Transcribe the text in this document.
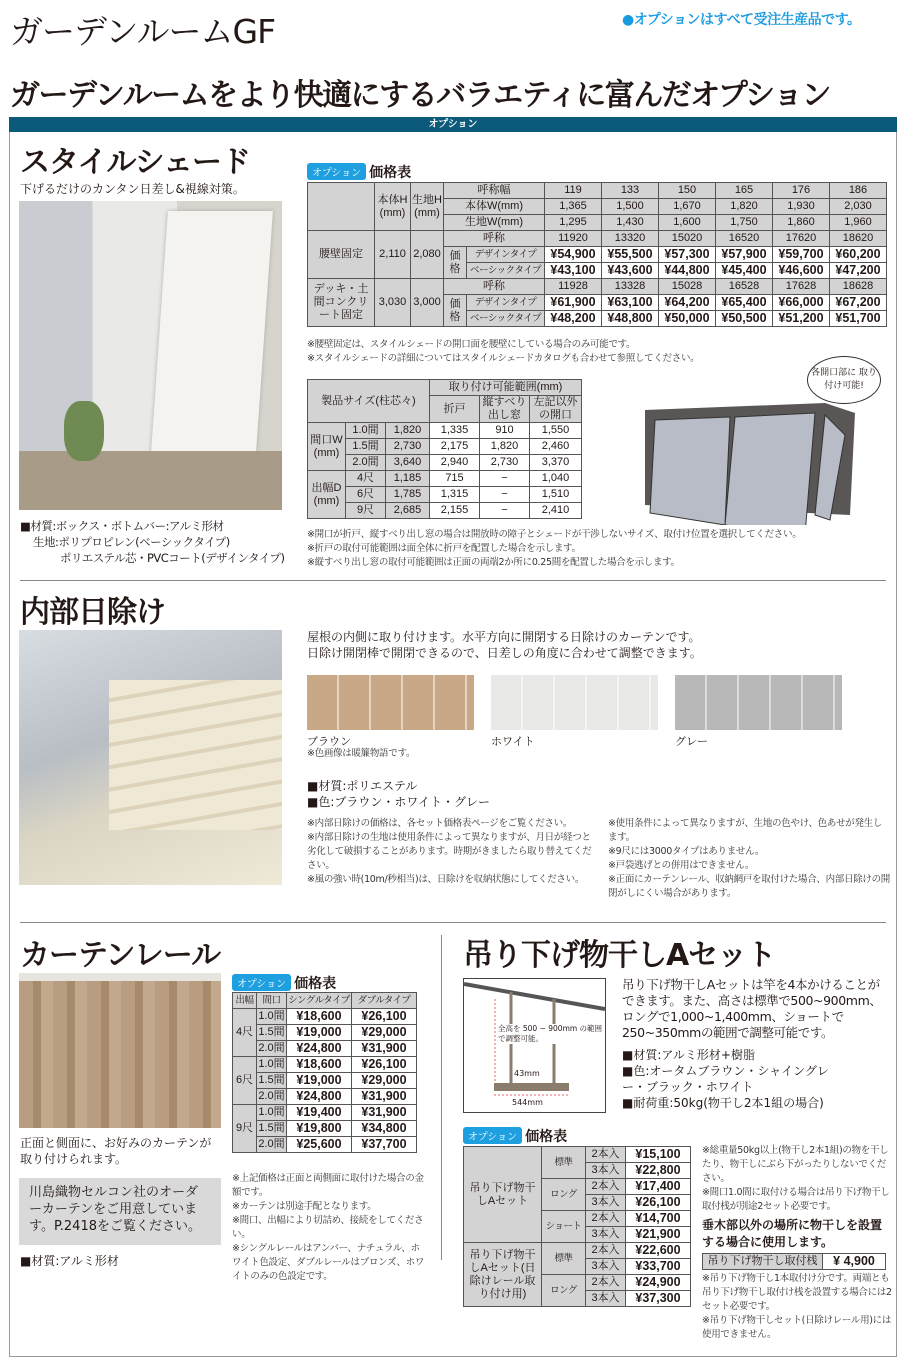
ガーデンルームGF	●オプションはすべて受注生産品です。
ガーデンルームをより快適にするバラエティに富んだオプション
オプション
スタイルシェード
下げるだけのカンタン日差し&視線対策。
■材質:ボックス・ボトムバー:アルミ形材
生地:ポリプロピレン(ベーシックタイプ)
ポリエステル芯・PVCコート(デザインタイプ)
オプション 価格表
	本体H (mm)	生地H (mm)	呼称幅		119	133	150	165	176	186
			本体W(mm)		1,365	1,500	1,670	1,820	1,930	2,030
			生地W(mm)		1,295	1,430	1,600	1,750	1,860	1,960
腰壁固定	2,110	2,080	呼称		11920	13320	15020	16520	17620	18620
			価格	デザインタイプ	¥54,900	¥55,500	¥57,300	¥57,900	¥59,700	¥60,200
				ベーシックタイプ	¥43,100	¥43,600	¥44,800	¥45,400	¥46,600	¥47,200
デッキ・土間コンクリート固定	3,030	3,000	呼称		11928	13328	15028	16528	17628	18628
			価格	デザインタイプ	¥61,900	¥63,100	¥64,200	¥65,400	¥66,000	¥67,200
				ベーシックタイプ	¥48,200	¥48,800	¥50,000	¥50,500	¥51,200	¥51,700
※腰壁固定は、スタイルシェードの開口面を腰壁にしている場合のみ可能です。
※スタイルシェードの詳細についてはスタイルシェードカタログも合わせて参照してください。
製品サイズ(柱芯々)			取り付け可能範囲(mm)		
			折戸	縦すべり出し窓	左記以外の開口
間口W (mm)	1.0間	1,820	1,335	910	1,550
	1.5間	2,730	2,175	1,820	2,460
	2.0間	3,640	2,940	2,730	3,370
出幅D (mm)	4尺	1,185	715	−	1,040
	6尺	1,785	1,315	−	1,510
	9尺	2,685	2,155	−	2,410
各開口部に 取り付け可能!
※開口が折戸、縦すべり出し窓の場合は開放時の障子とシェードが干渉しないサイズ、取付け位置を選択してください。
※折戸の取付可能範囲は面全体に折戸を配置した場合を示します。
※縦すべり出し窓の取付可能範囲は正面の両端2か所に0.25間を配置した場合を示します。
内部日除け
屋根の内側に取り付けます。水平方向に開閉する日除けのカーテンです。
日除け開閉棒で開閉できるので、日差しの角度に合わせて調整できます。
ブラウン	ホワイト	グレー
※色画像は暖簾物語です。
■材質:ポリエステル
■色:ブラウン・ホワイト・グレー
※内部日除けの価格は、各セット価格表ページをご覧ください。
※内部日除けの生地は使用条件によって異なりますが、月日が経つと劣化して破損することがあります。時期がきましたら取り替えてください。
※風の強い時(10m/秒相当)は、日除けを収納状態にしてください。
※使用条件によって異なりますが、生地の色やけ、色あせが発生します。
※9尺には3000タイプはありません。
※戸袋逃げとの併用はできません。
※正面にカーテンレール、収納網戸を取付けた場合、内部日除けの開閉がしにくい場合があります。
カーテンレール
正面と側面に、お好みのカーテンが取り付けられます。
川島織物セルコン社のオーダーカーテンをご用意しています。P.2418をご覧ください。
■材質:アルミ形材
オプション 価格表
出幅	間口	シングルタイプ	ダブルタイプ
4尺	1.0間	¥18,600	¥26,100
	1.5間	¥19,000	¥29,000
	2.0間	¥24,800	¥31,900
6尺	1.0間	¥18,600	¥26,100
	1.5間	¥19,000	¥29,000
	2.0間	¥24,800	¥31,900
9尺	1.0間	¥19,400	¥31,900
	1.5間	¥19,800	¥34,800
	2.0間	¥25,600	¥37,700
※上記価格は正面と両側面に取付けた場合の金額です。
※カーテンは別途手配となります。
※間口、出幅により切詰め、接続をしてください。
※シングルレールはアンバー、ナチュラル、ホワイト色設定、ダブルレールはブロンズ、ホワイトのみの色設定です。
吊り下げ物干しAセット
全高を 500 ~ 900mm の範囲で調整可能。
43mm
544mm
吊り下げ物干しAセットは竿を4本かけることができます。また、高さは標準で500~900mm、ロングで1,000~1,400mm、ショートで250~350mmの範囲で調整可能です。
■材質:アルミ形材+樹脂
■色:オータムブラウン・シャイングレー・ブラック・ホワイト
■耐荷重:50kg(物干し2本1組の場合)
オプション 価格表
吊り下げ物干しAセット	標準	2本入	¥15,100
		3本入	¥22,800
	ロング	2本入	¥17,400
		3本入	¥26,100
	ショート	2本入	¥14,700
		3本入	¥21,900
吊り下げ物干しAセット(日除けレール取り付け用)	標準	2本入	¥22,600
		3本入	¥33,700
	ロング	2本入	¥24,900
		3本入	¥37,300
※総重量50kg以上(物干し2本1組)の物を干したり、物干しにぶら下がったりしないでください。
※間口1.0間に取付ける場合は吊り下げ物干し取付桟が別途2セット必要です。
垂木部以外の場所に物干しを設置する場合に使用します。
吊り下げ物干し取付桟	¥ 4,900
※吊り下げ物干し1本取付け分です。両端とも吊り下げ物干し取付け桟を設置する場合には2セット必要です。
※吊り下げ物干しセット(日除けレール用)には使用できません。
